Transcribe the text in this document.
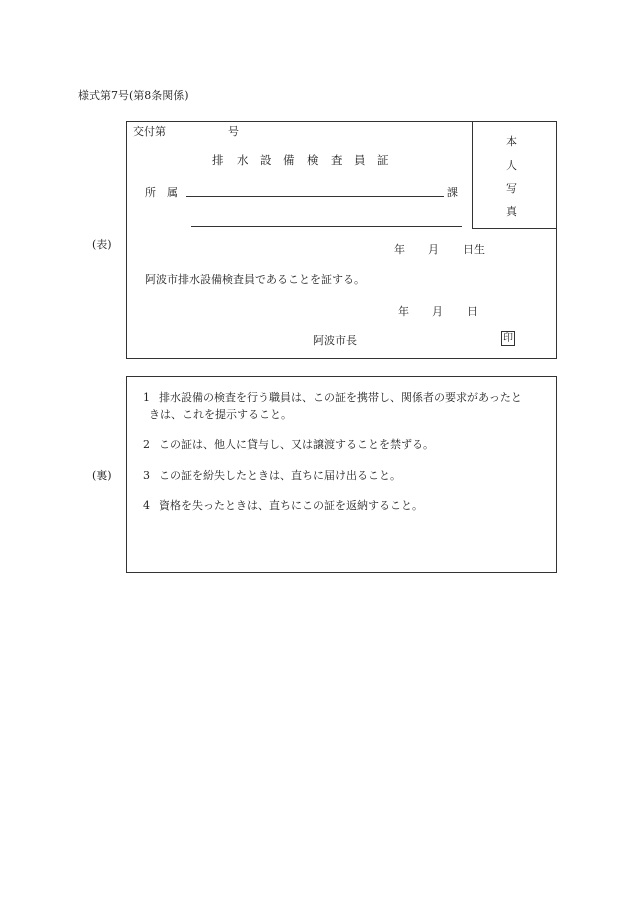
様式第7号(第8条関係)
(表)
交付第	号
排 水 設 備 検 査 員 証
所　属	課
本
人
写
真
年 月 日生
阿波市排水設備検査員であることを証する。
年 月 日
阿波市長	印
(裏)
1 排水設備の検査を行う職員は、この証を携帯し、関係者の要求があったと
きは、これを提示すること。
2 この証は、他人に貸与し、又は譲渡することを禁ずる。
3 この証を紛失したときは、直ちに届け出ること。
4 資格を失ったときは、直ちにこの証を返納すること。
